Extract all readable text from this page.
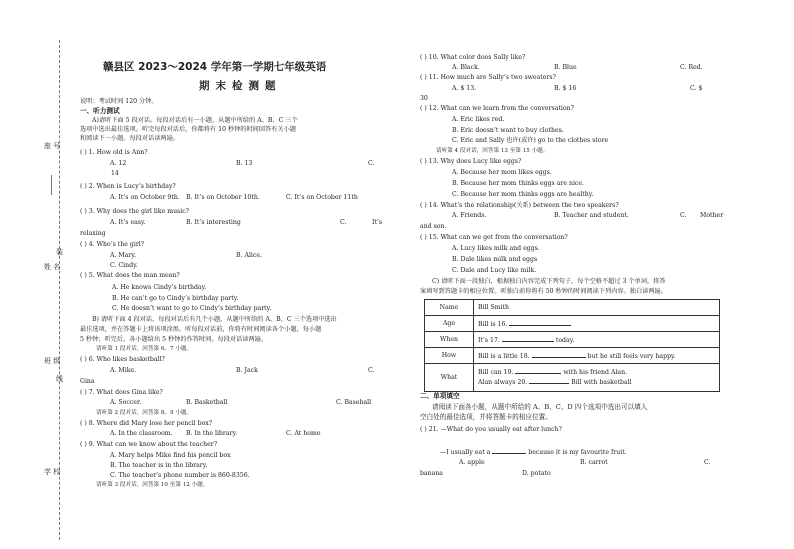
座 号
装
姓 名
班 级
线
学 校
赣县区 2023～2024 学年第一学期七年级英语
期末检测题
说明：考试时间 120 分钟。
一、听力测试
A)请听下面 5 段对话。每段对话后有一小题，从题中所给的 A、B、C 三个
选项中选出最佳选项。听完每段对话后，你都将有 10 秒钟的时间回答有关小题
和阅读下一小题。每段对话读两遍。
( ) 1. How old is Ann?
A. 12	B. 13	C.
14
( ) 2. When is Lucy’s birthday?
A. It’s on October 9th. B. It’s on October 10th.	C. It’s on October 11th
( ) 3. Why does the girl like music?
A. It’s easy.	B. It’s interesting	C.	It’s
relaxing
( ) 4. Who’s the girl?
A. Mary.	B. Alice.
C. Cindy.
( ) 5. What does the man mean?
A. He knows Cindy’s birthday.
B. He can’t go to Cindy’s birthday party.
C. He doesn’t want to go to Cindy’s birthday party.
B) 请听下面 4 段对话，每段对话后有几个小题，从题中所给的 A、B、C 三个选项中选出
最佳选项，并在答题卡上将该项涂黑。听每段对话前，你将有时间阅读各个小题，每小题
5 秒钟；听完后，各小题给出 5 秒钟的作答时间。每段对话读两遍。
请听第 1 段对话，回答第 6、7 小题。
( ) 6. Who likes basketball?
A. Mike.	B. Jack	C.
Gina
( ) 7. What does Gina like?
A. Soccer.	B. Basketball	C. Baseball
请听第 2 段对话，回答第 8、9 小题。
( ) 8. Where did Mary lose her pencil box?
A. In the classroom. B. In the library.	C. At home
( ) 9. What can we know about the teacher?
A. Mary helps Mike find his pencil box
B. The teacher is in the library.
C. The teacher’s phone number is 860-8356.
请听第 3 段对话，回答第 10 至第 12 小题。
( ) 10. What color does Sally like?
A. Black.	B. Blue	C. Red.
( ) 11. How much are Sally’s two sweaters?
A. $ 13.	B. $ 16	C. $
30
( ) 12. What can we learn from the conversation?
A. Eric likes red.
B. Eric doesn’t want to buy clothes.
C. Eric and Sally 也许(或许) go to the clothes store
请听第 4 段对话，回答第 13 至第 15 小题。
( ) 13. Why does Lucy like eggs?
A. Because her mom likes eggs.
B. Because her mom thinks eggs are nice.
C. Because her mom thinks eggs are healthy.
( ) 14. What’s the relationship(关系) between the two speakers?
A. Friends.	B. Teacher and student.	C. Mother
and son.
( ) 15. What can we get from the conversation?
A. Lucy likes milk and eggs.
B. Dale likes milk and eggs
C. Dale and Lucy like milk.
C) 请听下面一段独白，根据独白内容完成下列句子，每个空格不超过 3 个单词，将答
案填写到答题卡的相应位置。听独白前你将有 50 秒钟的时间阅读下列内容。独白读两遍。
Name	Bill Smith
Age	Bill is 16.
When	It’s 17. today.
How	Bill is a little 18. but he still feels very happy.
What	Bill can 19. with his friend Alan.
Alan always 20. Bill with basketball
二、单项填空
请阅读下面各小题，从题中所给的 A、B、C、D 四个选项中选出可以填入
空白处的最佳选项，并将答题卡的相应位置。
( ) 21. —What do you usually eat after lunch?
—I usually eat a	because it is my favourite fruit.
A. apple	B. carrot	C.
banana	D. potato
